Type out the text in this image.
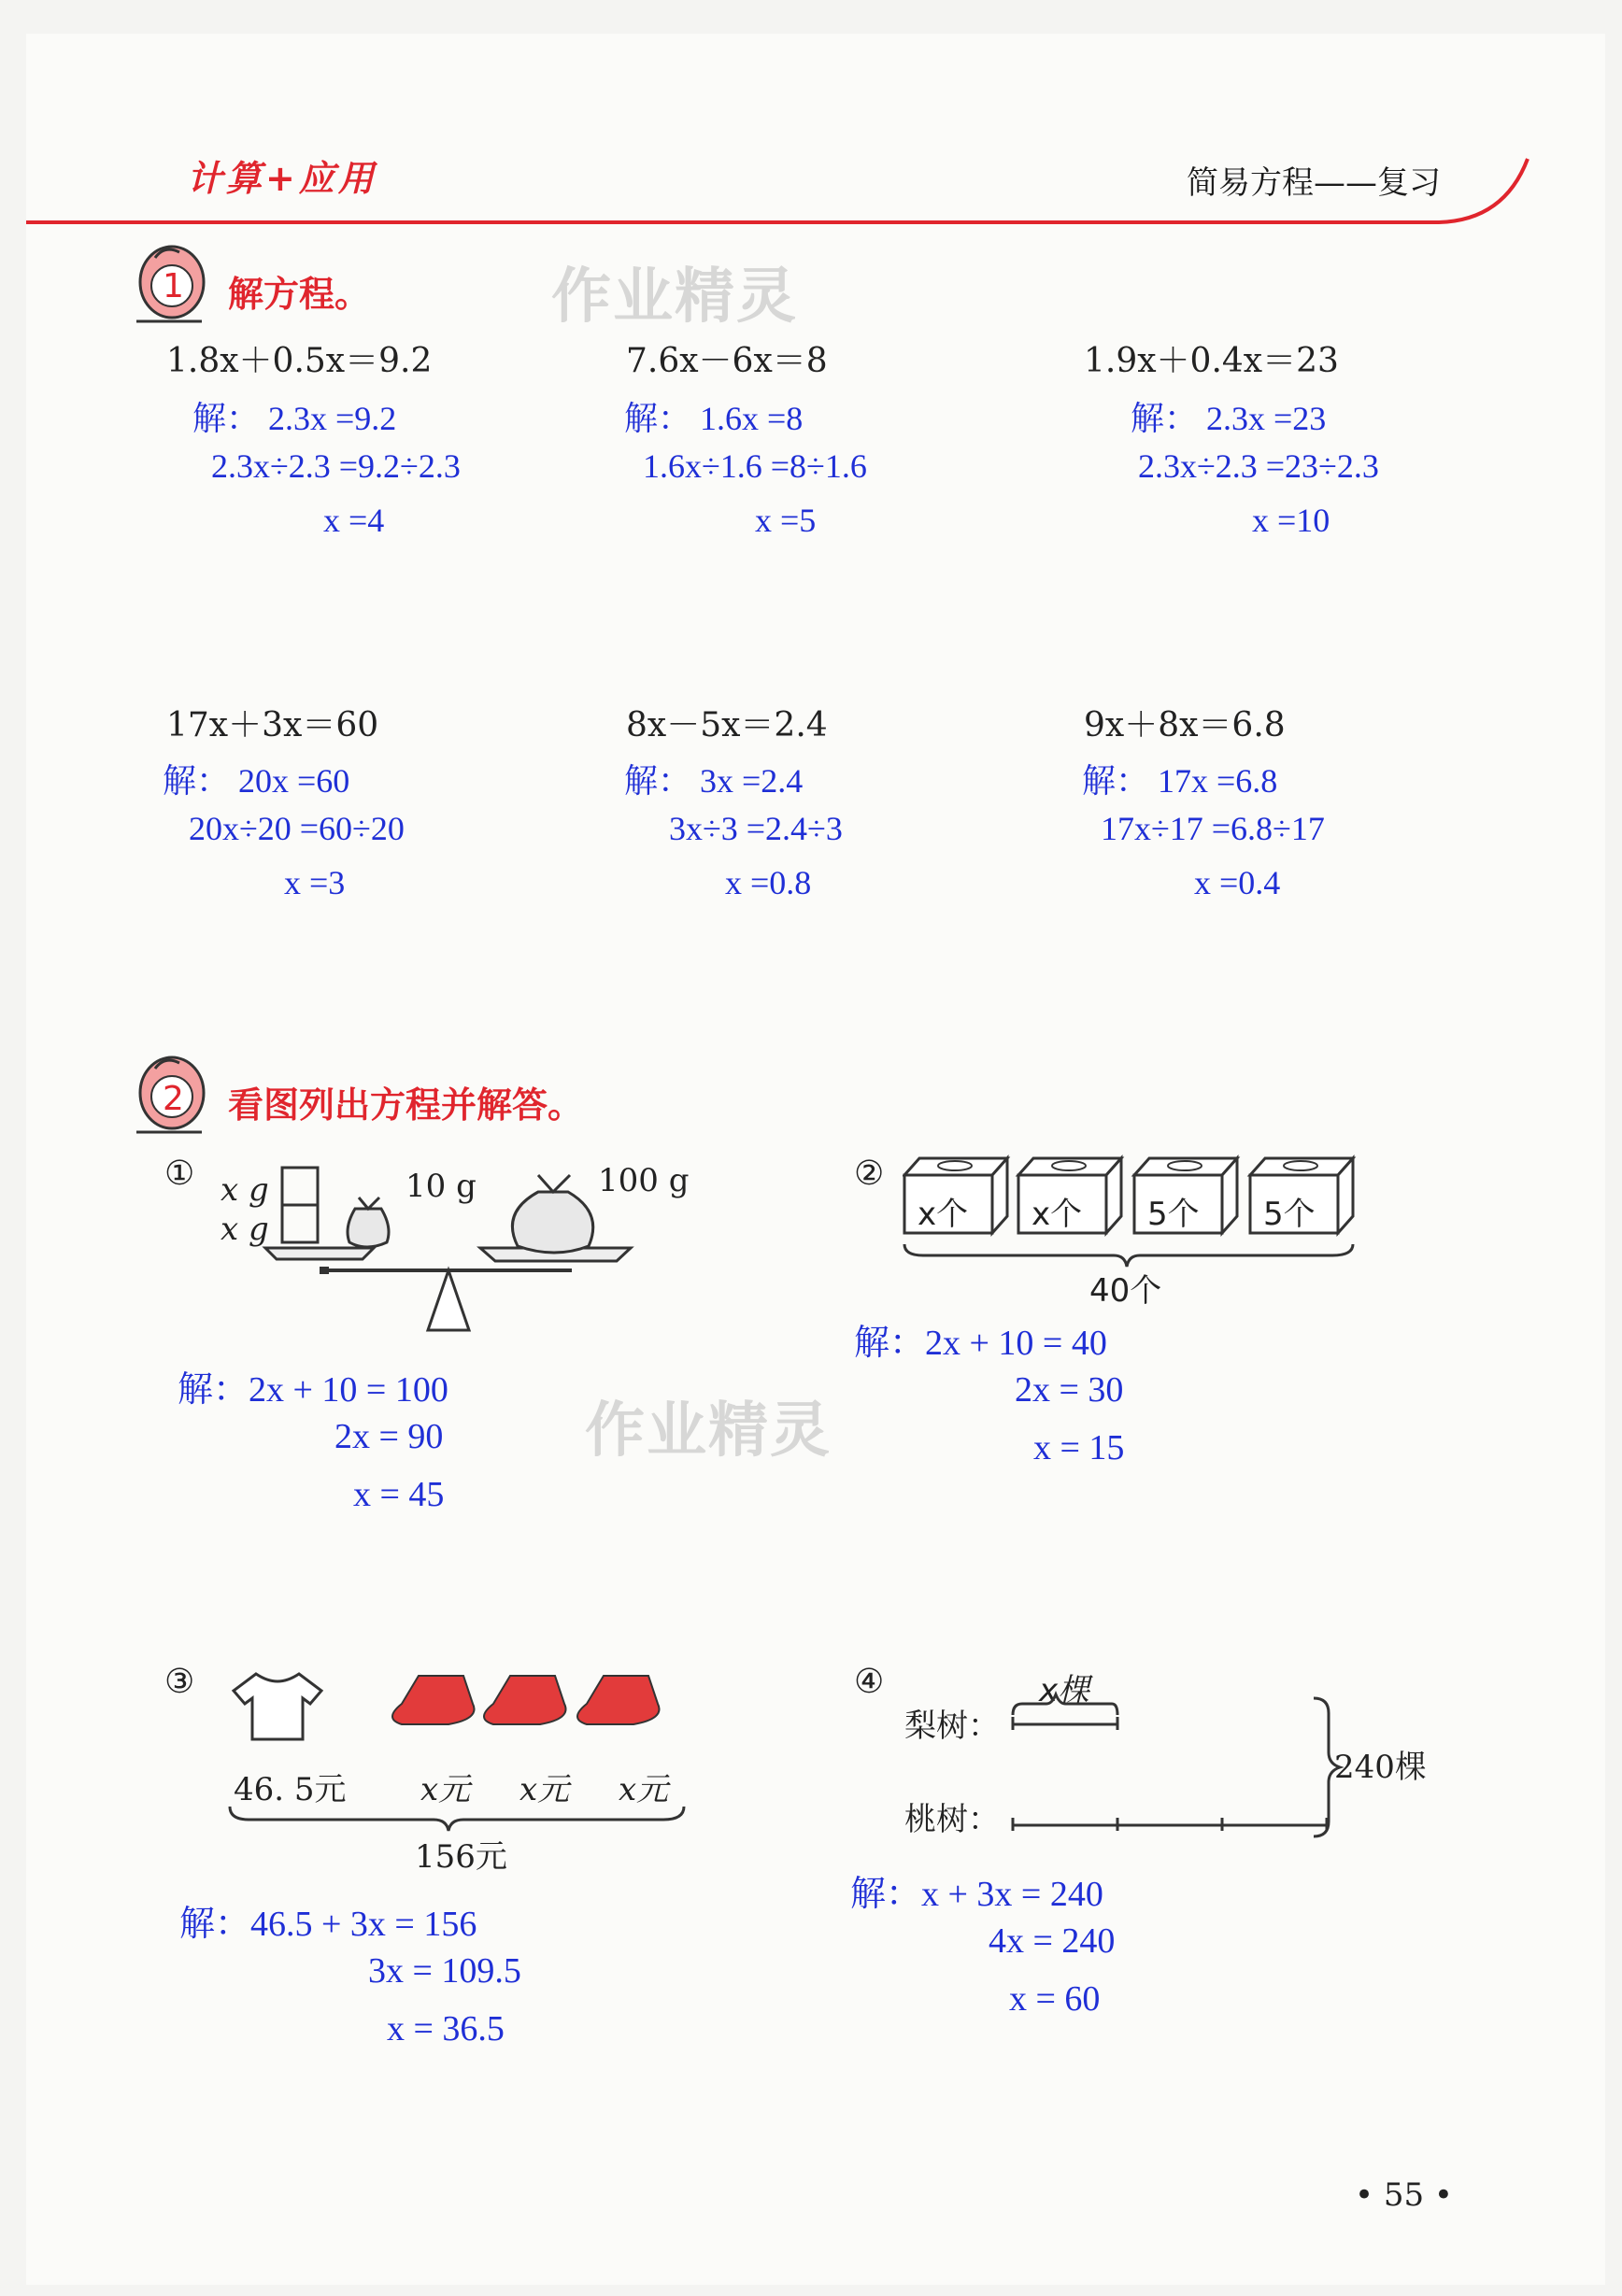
计算+应用	简易方程——复习
1 解方程。	作业精灵
1.8x＋0.5x＝9.2
解： 2.3x =9.2
2.3x÷2.3 =9.2÷2.3
x =4
7.6x－6x＝8
解： 1.6x =8
1.6x÷1.6 =8÷1.6
x =5
1.9x＋0.4x＝23
解： 2.3x =23
2.3x÷2.3 =23÷2.3
x =10
17x＋3x＝60
解： 20x =60
20x÷20 =60÷20
x =3
8x－5x＝2.4
解： 3x =2.4
3x÷3 =2.4÷3
x =0.8
9x＋8x＝6.8
解： 17x =6.8
17x÷17 =6.8÷17
x =0.4
2 看图列出方程并解答。
① x g
x g
10 g	100 g
解：2x + 10 = 100
2x = 90
x = 45
作业精灵
②
x个 x个 5个 5个
40个
解：2x + 10 = 40
2x = 30
x = 15
③
46. 5元 x元 x元 x元
156元
解：46.5 + 3x = 156
3x = 109.5
x = 36.5
④	x棵
梨树：
桃树：
240棵
解：x + 3x = 240
4x = 240
x = 60
• 55 •
